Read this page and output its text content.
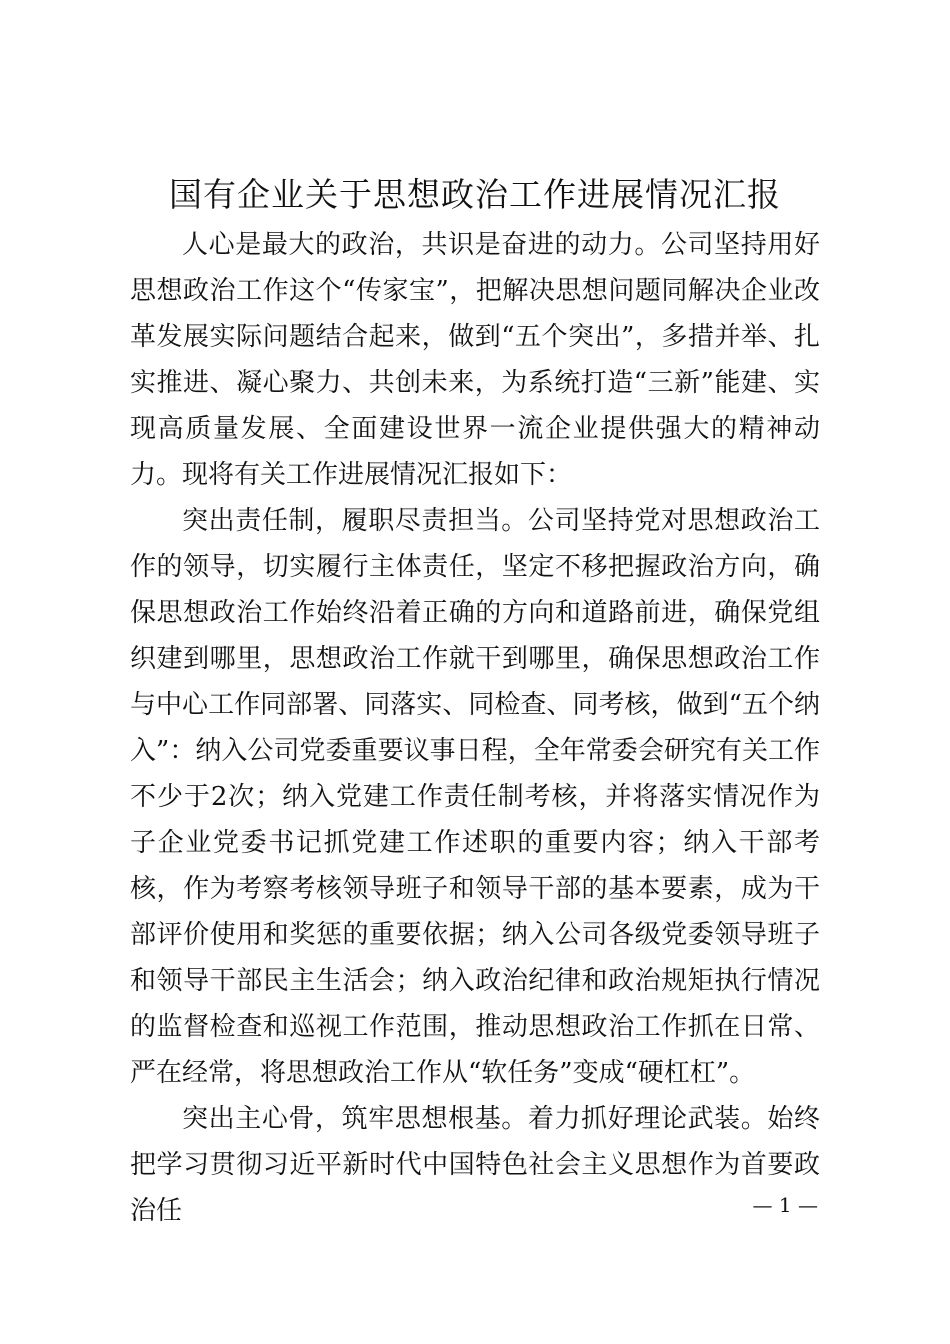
国有企业关于思想政治工作进展情况汇报

人心是最大的政治，共识是奋进的动力。公司坚持用好思想政治工作这个“传家宝”，把解决思想问题同解决企业改革发展实际问题结合起来，做到“五个突出”，多措并举、扎实推进、凝心聚力、共创未来，为系统打造“三新”能建、实现高质量发展、全面建设世界一流企业提供强大的精神动力。现将有关工作进展情况汇报如下：

突出责任制，履职尽责担当。公司坚持党对思想政治工作的领导，切实履行主体责任，坚定不移把握政治方向，确保思想政治工作始终沿着正确的方向和道路前进，确保党组织建到哪里，思想政治工作就干到哪里，确保思想政治工作与中心工作同部署、同落实、同检查、同考核，做到“五个纳入”：纳入公司党委重要议事日程，全年常委会研究有关工作不少于2次；纳入党建工作责任制考核，并将落实情况作为子企业党委书记抓党建工作述职的重要内容；纳入干部考核，作为考察考核领导班子和领导干部的基本要素，成为干部评价使用和奖惩的重要依据；纳入公司各级党委领导班子和领导干部民主生活会；纳入政治纪律和政治规矩执行情况的监督检查和巡视工作范围，推动思想政治工作抓在日常、严在经常，将思想政治工作从“软任务”变成“硬杠杠”。

突出主心骨，筑牢思想根基。着力抓好理论武装。始终把学习贯彻习近平新时代中国特色社会主义思想作为首要政治任	— 1 —
